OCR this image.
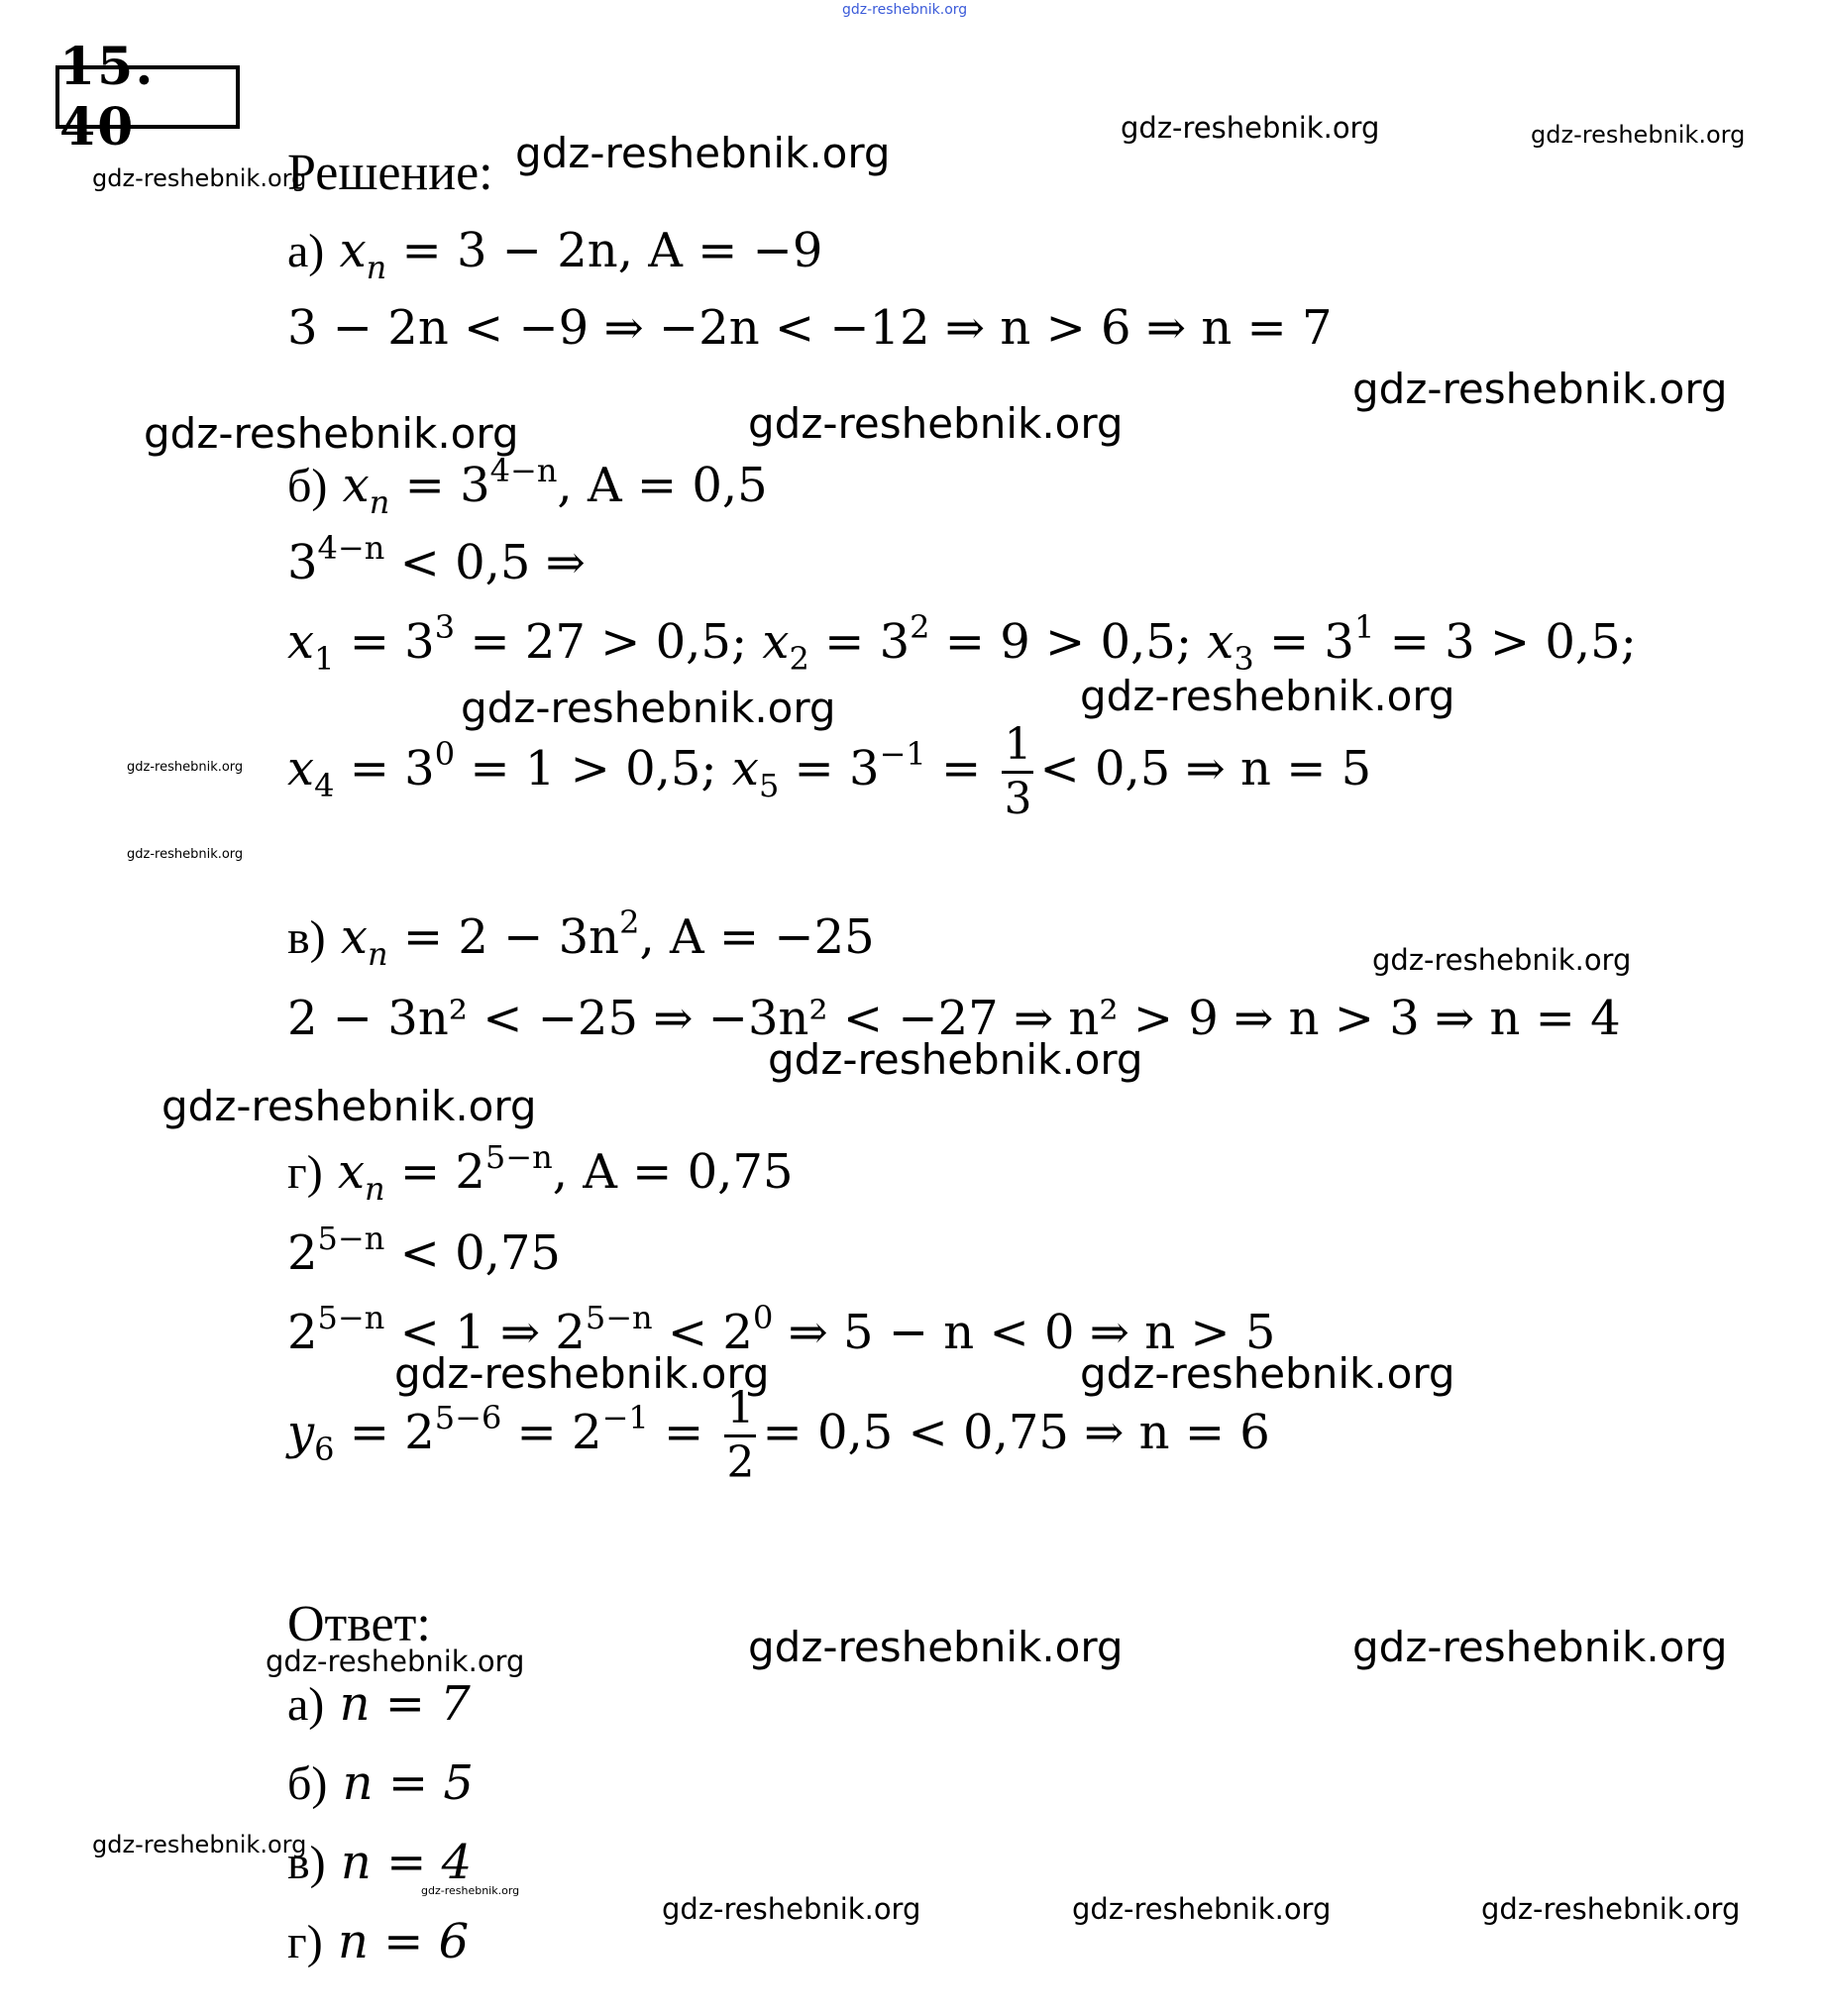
gdz-reshebnik.org
15. 40	gdz-reshebnik.org	gdz-reshebnik.org
gdz-reshebnik.org
Решение: gdz-reshebnik.org
а) $x_n = 3 - 2n$, A = −9
3 − 2n < −9 ⇒ −2n < −12 ⇒ n > 6 ⇒ n = 7
gdz-reshebnik.org
gdz-reshebnik.org	gdz-reshebnik.org
б) $x_n = 3^{4-n}$, A = 0,5
$3^{4-n} < 0,5$ ⇒
$x_1 = 3^3 = 27 > 0,5$; $x_2 = 3^2 = 9 > 0,5$; $x_3 = 3^1 = 3 > 0,5$;
gdz-reshebnik.org	gdz-reshebnik.org
$x_4 = 3^0 = 1 > 0,5$; $x_5 = 3^{-1} = \frac{1}{3} < 0,5$ ⇒ n = 5
gdz-reshebnik.org
gdz-reshebnik.org
в) $x_n = 2 - 3n^2$, A = −25	gdz-reshebnik.org
2 − 3n² < −25 ⇒ −3n² < −27 ⇒ n² > 9 ⇒ n > 3 ⇒ n = 4
gdz-reshebnik.org
gdz-reshebnik.org
г) $x_n = 2^{5-n}$, A = 0,75
$2^{5-n} < 0,75$
$2^{5-n} < 1$ ⇒ $2^{5-n} < 2^0$ ⇒ 5 − n < 0 ⇒ n > 5
gdz-reshebnik.org	gdz-reshebnik.org
$y_6 = 2^{5-6} = 2^{-1} = \frac{1}{2} = 0,5 < 0,75$ ⇒ n = 6
Ответ:
gdz-reshebnik.org	gdz-reshebnik.org	gdz-reshebnik.org
а) n = 7
б) n = 5
gdz-reshebnik.org
в) n = 4
gdz-reshebnik.org
gdz-reshebnik.org	gdz-reshebnik.org	gdz-reshebnik.org
г) n = 6
